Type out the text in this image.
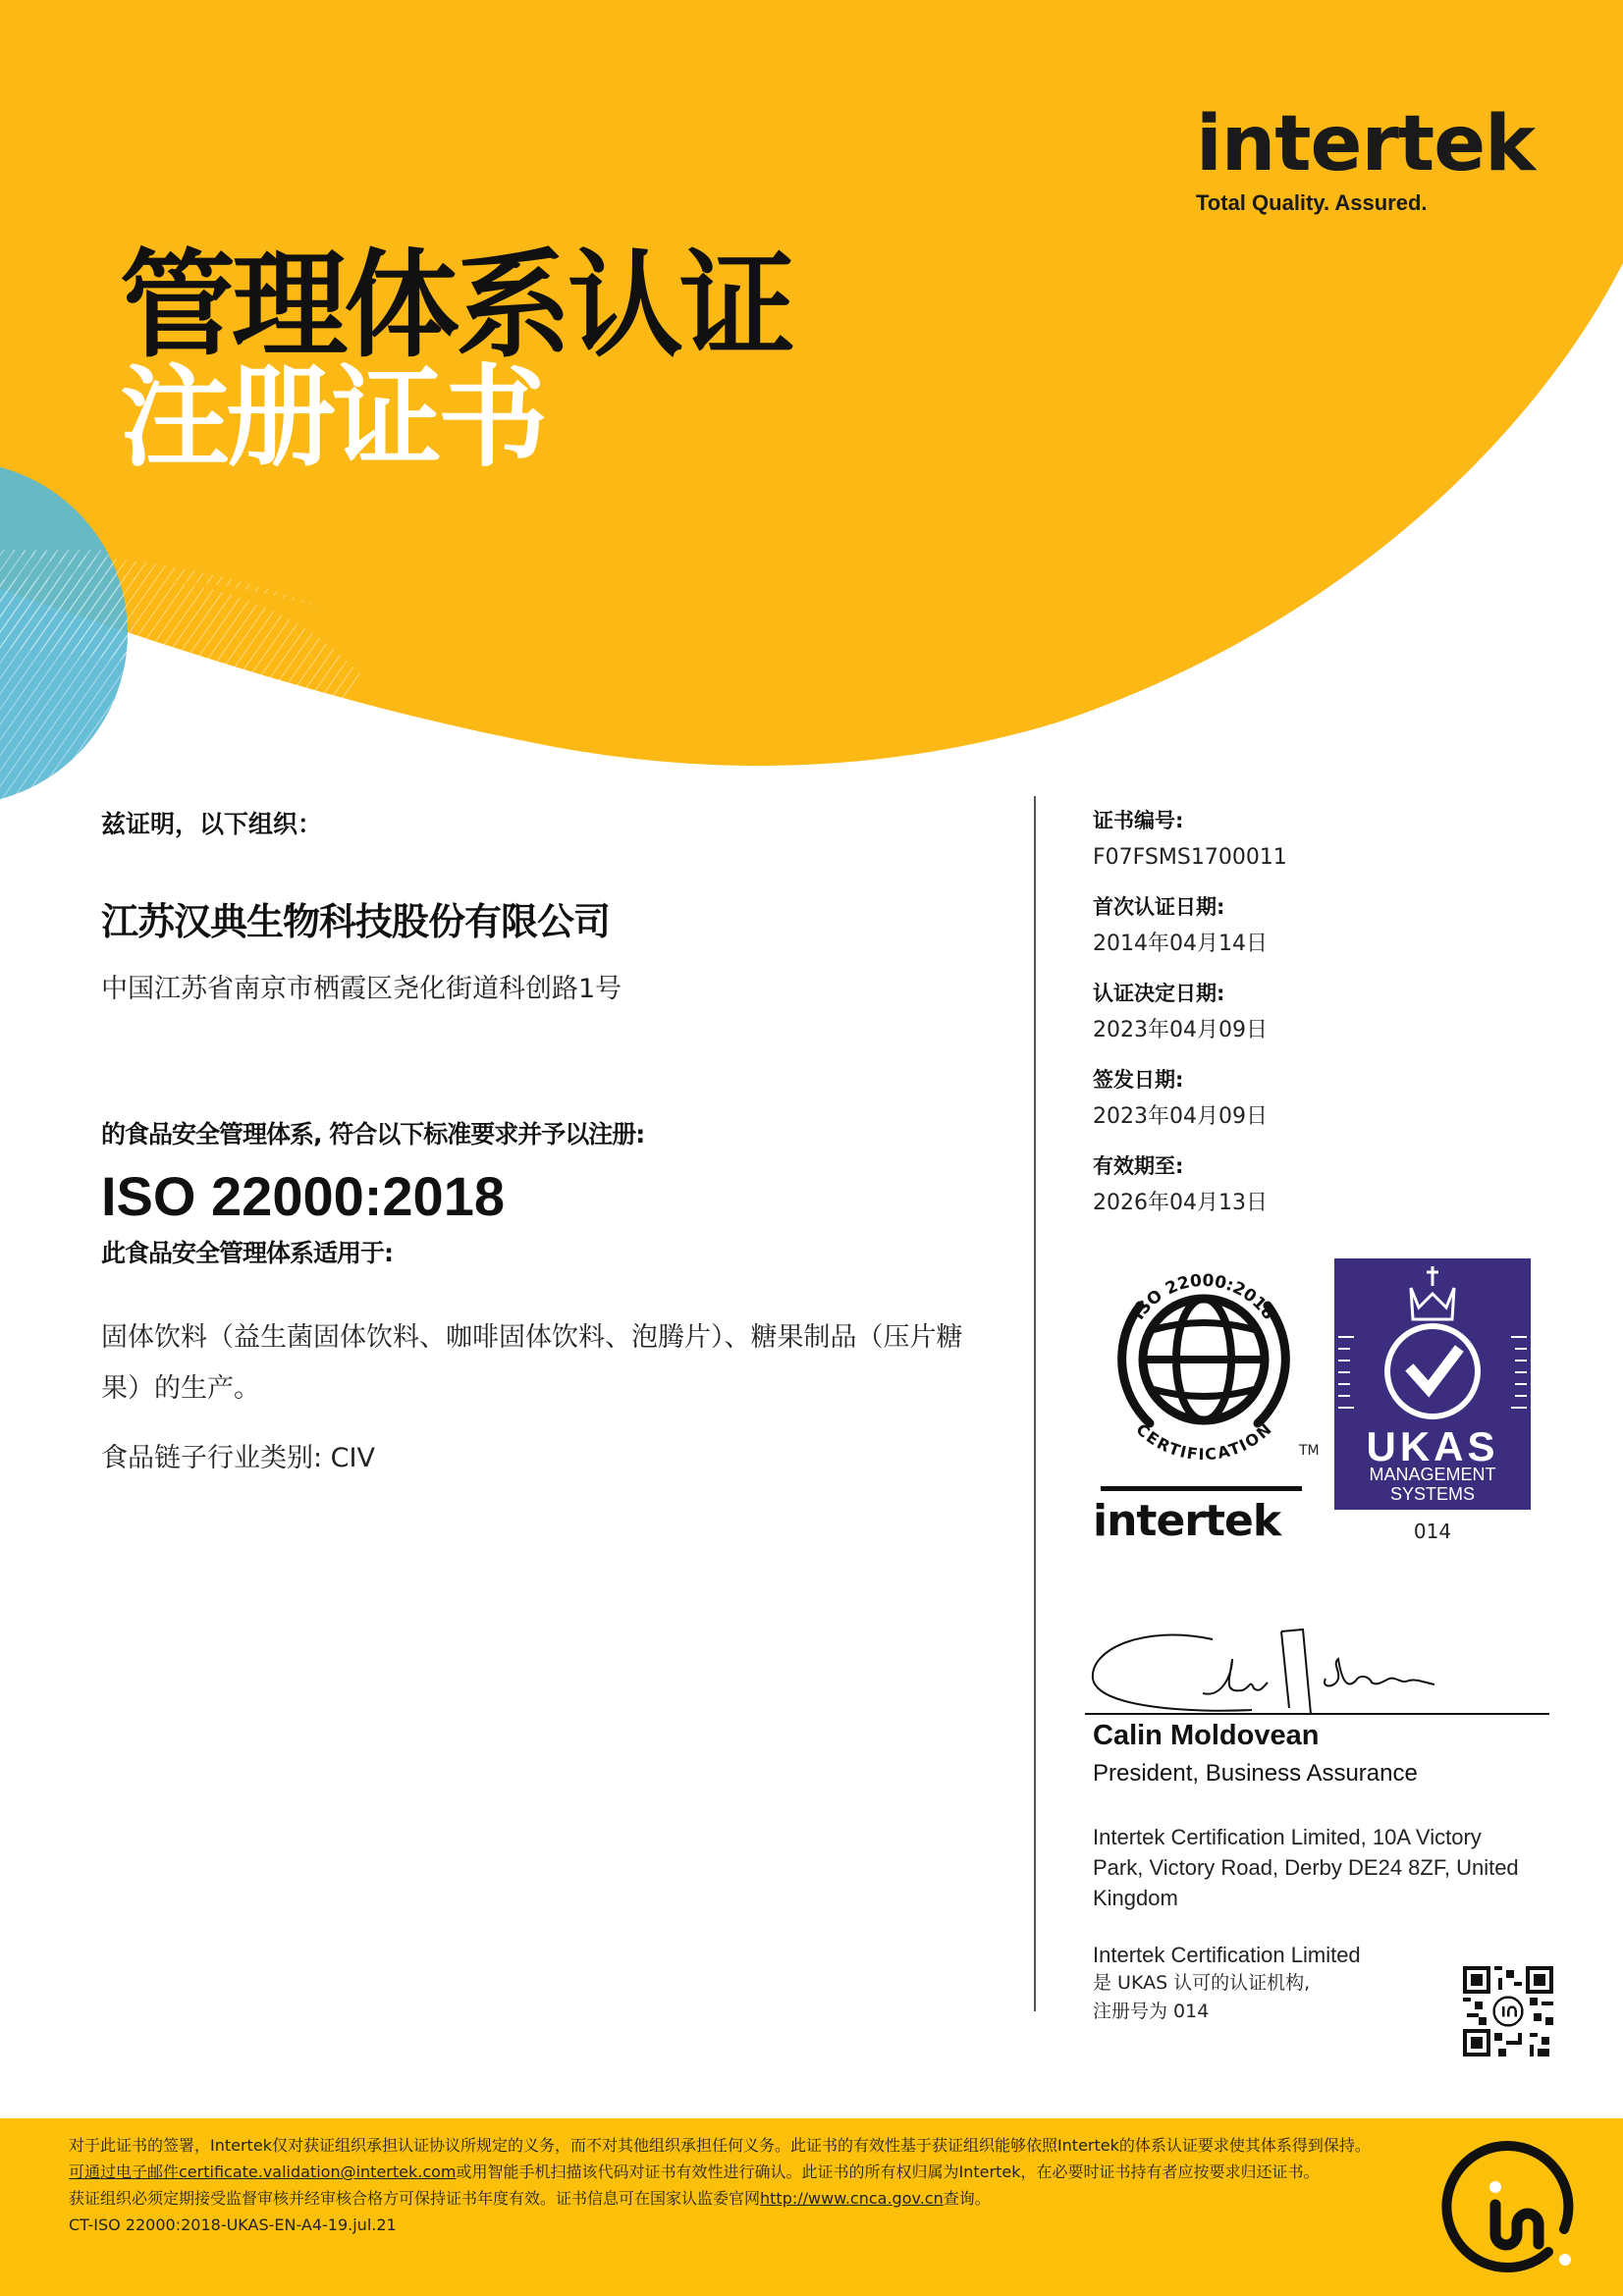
intertek
Total Quality. Assured.
管理体系认证
注册证书
兹证明，以下组织：
江苏汉典生物科技股份有限公司
中国江苏省南京市栖霞区尧化街道科创路1号
的食品安全管理体系, 符合以下标准要求并予以注册:
ISO 22000:2018
此食品安全管理体系适用于:
固体饮料（益生菌固体饮料、咖啡固体饮料、泡腾片）、糖果制品（压片糖果）的生产。
食品链子行业类别: CIV
证书编号:
F07FSMS1700011
首次认证日期:
2014年04月14日
认证决定日期:
2023年04月09日
签发日期:
2023年04月09日
有效期至:
2026年04月13日
ISO 22000:2018
CERTIFICATION
TM
intertek
UKAS
MANAGEMENT
SYSTEMS
014
Calin Moldovean
President, Business Assurance
Intertek Certification Limited, 10A Victory Park, Victory Road, Derby DE24 8ZF, United Kingdom
Intertek Certification Limited
是 UKAS 认可的认证机构,
注册号为 014
对于此证书的签署，Intertek仅对获证组织承担认证协议所规定的义务，而不对其他组织承担任何义务。此证书的有效性基于获证组织能够依照Intertek的体系认证要求使其体系得到保持。可通过电子邮件certificate.validation@intertek.com或用智能手机扫描该代码对证书有效性进行确认。此证书的所有权归属为Intertek，在必要时证书持有者应按要求归还证书。
获证组织必须定期接受监督审核并经审核合格方可保持证书年度有效。证书信息可在国家认监委官网http://www.cnca.gov.cn查询。
CT-ISO 22000:2018-UKAS-EN-A4-19.jul.21
